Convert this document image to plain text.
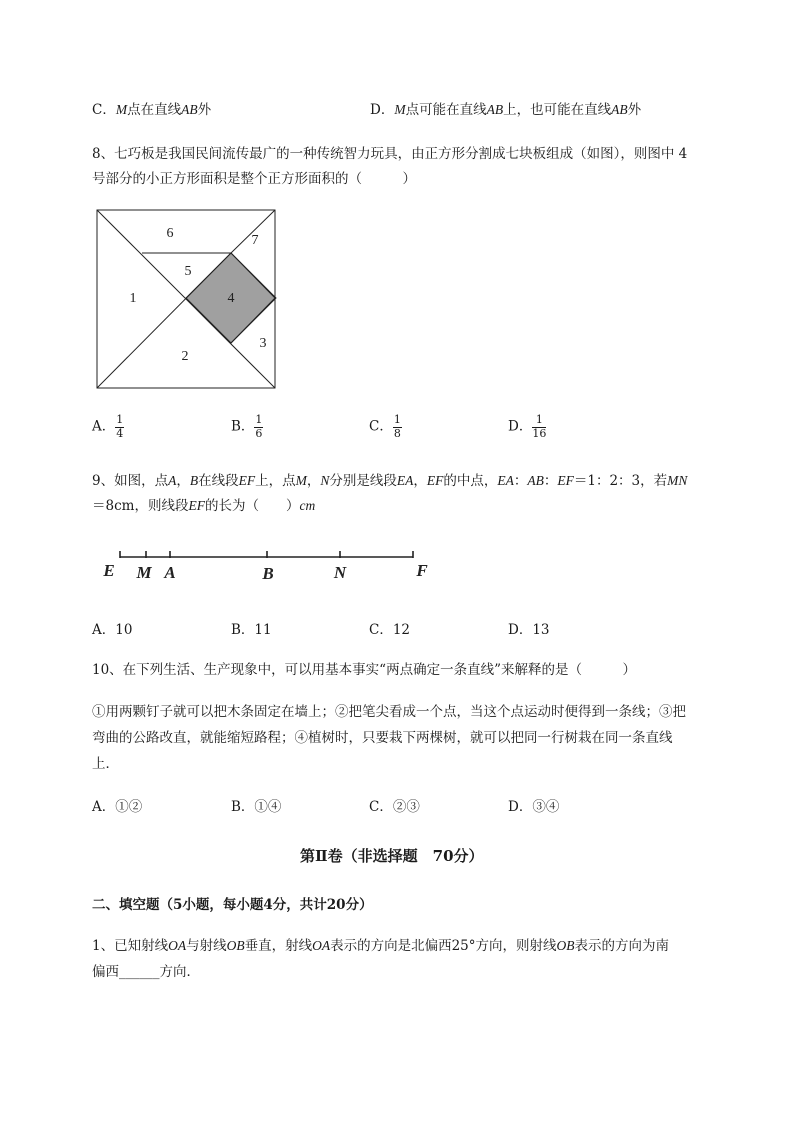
C．M点在直线AB外	D．M点可能在直线AB上，也可能在直线AB外
8、七巧板是我国民间流传最广的一种传统智力玩具，由正方形分割成七块板组成（如图），则图中 4
号部分的小正方形面积是整个正方形面积的（　　　）
1
2
3
4
5
6	7
A． $\frac{1}{4}$	B． $\frac{1}{6}$	C． $\frac{1}{8}$	D． $\frac{1}{16}$
9、如图，点A，B在线段EF上，点M，N分别是线段EA，EF的中点，EA：AB：EF＝1：2：3，若MN
＝8cm，则线段EF的长为（　　）cm
E M A	B	N	F
A．10	B．11	C．12	D．13
10、在下列生活、生产现象中，可以用基本事实“两点确定一条直线”来解释的是（　　　）
①用两颗钉子就可以把木条固定在墙上；②把笔尖看成一个点，当这个点运动时便得到一条线；③把
弯曲的公路改直，就能缩短路程；④植树时，只要栽下两棵树，就可以把同一行树栽在同一条直线
上．
A．①②	B．①④	C．②③	D．③④
第Ⅱ卷（非选择题　70分）
二、填空题（5小题，每小题4分，共计20分）
1、已知射线OA与射线OB垂直，射线OA表示的方向是北偏西25°方向，则射线OB表示的方向为南
偏西______方向．
